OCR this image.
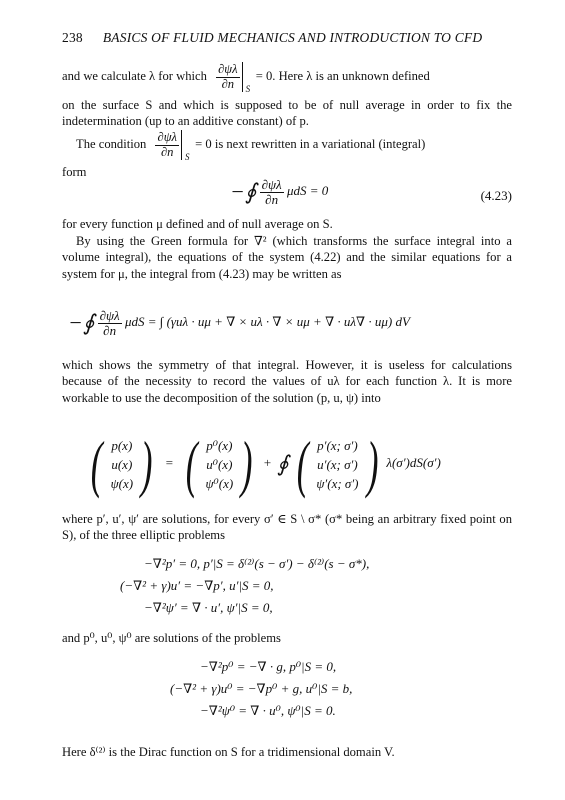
238 BASICS OF FLUID MECHANICS AND INTRODUCTION TO CFD
and we calculate λ for which $\frac{\partial\psi\lambda}{\partial n}$ S
= 0. Here λ is an unknown defined

on the surface S and which is supposed to be of null average in order to fix the indetermination (up to an additive constant) of p.

The condition $\frac{\partial\psi\lambda}{\partial n}$ S
= 0 is next rewritten in a variational (integral)

form

−∮ $\frac{\partial\psi\lambda}{\partial n}$ μdS = 0	(4.23)

for every function μ defined and of null average on S.

By using the Green formula for ∇² (which transforms the surface integral into a volume integral), the equations of the system (4.22) and the similar equations for a system for μ, the integral from (4.23) may be written as

−∮ $\frac{\partial\psi\lambda}{\partial n}$ μdS = ∫ (γuλ · uμ + ∇ × uλ · ∇ × uμ + ∇ · uλ∇ · uμ) dV

which shows the symmetry of that integral. However, it is useless for calculations because of the necessity to record the values of uλ for each function λ. It is more workable to use the decomposition of the solution (p, u, ψ) into

( p(x)
u(x)
ψ(x) ) = ( p⁰(x)
u⁰(x)
ψ⁰(x) ) + ∮ ( p′(x; σ′)
u′(x; σ′)
ψ′(x; σ′) ) λ(σ′)dS(σ′)

where p′, u′, ψ′ are solutions, for every σ′ ∈ S \ σ* (σ* being an arbitrary fixed point on S), of the three elliptic problems

−∇²p′ = 0, p′|S = δ⁽²⁾(s − σ′) − δ⁽²⁾(s − σ*),
(−∇² + γ)u′ = −∇p′, u′|S = 0,
−∇²ψ′ = ∇ · u′, ψ′|S = 0,

and p⁰, u⁰, ψ⁰ are solutions of the problems

−∇²p⁰ = −∇ · g, p⁰|S = 0,
(−∇² + γ)u⁰ = −∇p⁰ + g, u⁰|S = b,
−∇²ψ⁰ = ∇ · u⁰, ψ⁰|S = 0.

Here δ⁽²⁾ is the Dirac function on S for a tridimensional domain V.
